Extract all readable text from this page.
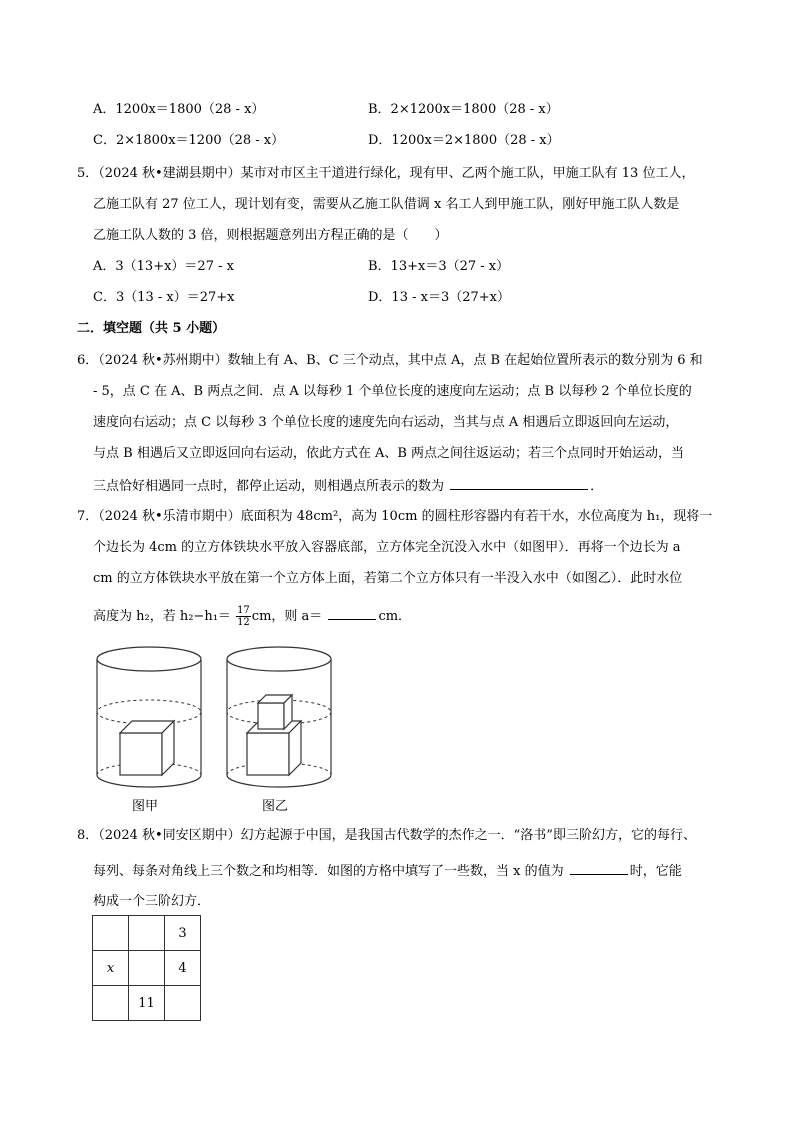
A．1200x＝1800（28 - x）	B．2×1200x＝1800（28 - x）
C．2×1800x＝1200（28 - x）	D．1200x＝2×1800（28 - x）
5．（2024 秋•建湖县期中）某市对市区主干道进行绿化，现有甲、乙两个施工队，甲施工队有 13 位工人，
乙施工队有 27 位工人，现计划有变，需要从乙施工队借调 x 名工人到甲施工队，刚好甲施工队人数是
乙施工队人数的 3 倍，则根据题意列出方程正确的是（　　）
A．3（13+x）＝27 - x	B．13+x＝3（27 - x）
C．3（13 - x）＝27+x	D．13 - x＝3（27+x）
二．填空题（共 5 小题）
6．（2024 秋•苏州期中）数轴上有 A、B、C 三个动点，其中点 A，点 B 在起始位置所表示的数分别为 6 和
- 5，点 C 在 A、B 两点之间．点 A 以每秒 1 个单位长度的速度向左运动；点 B 以每秒 2 个单位长度的
速度向右运动；点 C 以每秒 3 个单位长度的速度先向右运动，当其与点 A 相遇后立即返回向左运动，
与点 B 相遇后又立即返回向右运动，依此方式在 A、B 两点之间往返运动；若三个点同时开始运动，当
三点恰好相遇同一点时，都停止运动，则相遇点所表示的数为	．
7．（2024 秋•乐清市期中）底面积为 48cm²，高为 10cm 的圆柱形容器内有若干水，水位高度为 h₁，现将一
个边长为 4cm 的立方体铁块水平放入容器底部，立方体完全沉没入水中（如图甲）．再将一个边长为 a
cm 的立方体铁块水平放在第一个立方体上面，若第二个立方体只有一半没入水中（如图乙）．此时水位
高度为 h₂，若 $h_2-h_1= \frac{17}{12}$ cm，则 a＝	cm．
图甲	图乙
8．（2024 秋•同安区期中）幻方起源于中国，是我国古代数学的杰作之一．“洛书”即三阶幻方，它的每行、
每列、每条对角线上三个数之和均相等．如图的方格中填写了一些数，当 x 的值为	时，它能
构成一个三阶幻方．
		3
x		4
	11	
